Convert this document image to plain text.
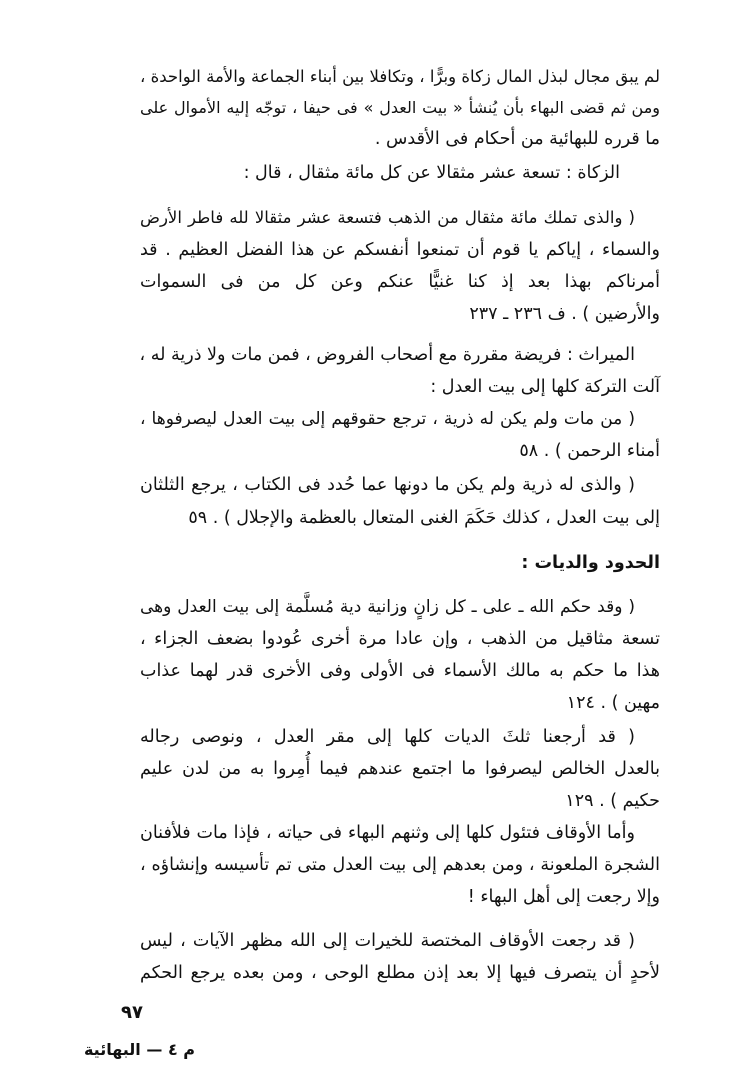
لم يبق مجال لبذل المال زكاة وبرًّا ، وتكافلا بين أبناء الجماعة والأمة الواحدة ،
ومن ثم قضى البهاء بأن يُنشأ « بيت العدل » فى حيفا ، توجّه إليه الأموال على
ما قرره للبهائية من أحكام فى الأقدس .
الزكاة : تسعة عشر مثقالا عن كل مائة مثقال ، قال :
( والذى تملك مائة مثقال من الذهب فتسعة عشر مثقالا لله فاطر الأرض
والسماء ، إياكم يا قوم أن تمنعوا أنفسكم عن هذا الفضل العظيم . قد
أمرناكم بهذا بعد إذ كنا غنيًّا عنكم وعن كل من فى السموات
والأرضين ) . ف ٢٣٦ ـ ٢٣٧
الميراث : فريضة مقررة مع أصحاب الفروض ، فمن مات ولا ذرية له ،
آلت التركة كلها إلى بيت العدل :
( من مات ولم يكن له ذرية ، ترجع حقوقهم إلى بيت العدل ليصرفوها ،
أمناء الرحمن ) . ٥٨
( والذى له ذرية ولم يكن ما دونها عما حُدد فى الكتاب ، يرجع الثلثان
إلى بيت العدل ، كذلك حَكَمَ الغنى المتعال بالعظمة والإجلال ) . ٥٩
الحدود والديات :
( وقد حكم الله ـ على ـ كل زانٍ وزانية دية مُسلَّمة إلى بيت العدل وهى
تسعة مثاقيل من الذهب ، وإن عادا مرة أخرى عُودوا بضعف الجزاء ،
هذا ما حكم به مالك الأسماء فى الأولى وفى الأخرى قدر لهما عذاب
مهين ) . ١٢٤
( قد أرجعنا ثلثَ الديات كلها إلى مقر العدل ، ونوصى رجاله
بالعدل الخالص ليصرفوا ما اجتمع عندهم فيما أُمِروا به من لدن عليم
حكيم ) . ١٢٩
وأما الأوقاف فتئول كلها إلى وثنهم البهاء فى حياته ، فإذا مات فلأفنان
الشجرة الملعونة ، ومن بعدهم إلى بيت العدل متى تم تأسيسه وإنشاؤه ،
وإلا رجعت إلى أهل البهاء !
( قد رجعت الأوقاف المختصة للخيرات إلى الله مظهر الآيات ، ليس
لأحدٍ أن يتصرف فيها إلا بعد إذن مطلع الوحى ، ومن بعده يرجع الحكم
٩٧
م ٤ — البهائية
